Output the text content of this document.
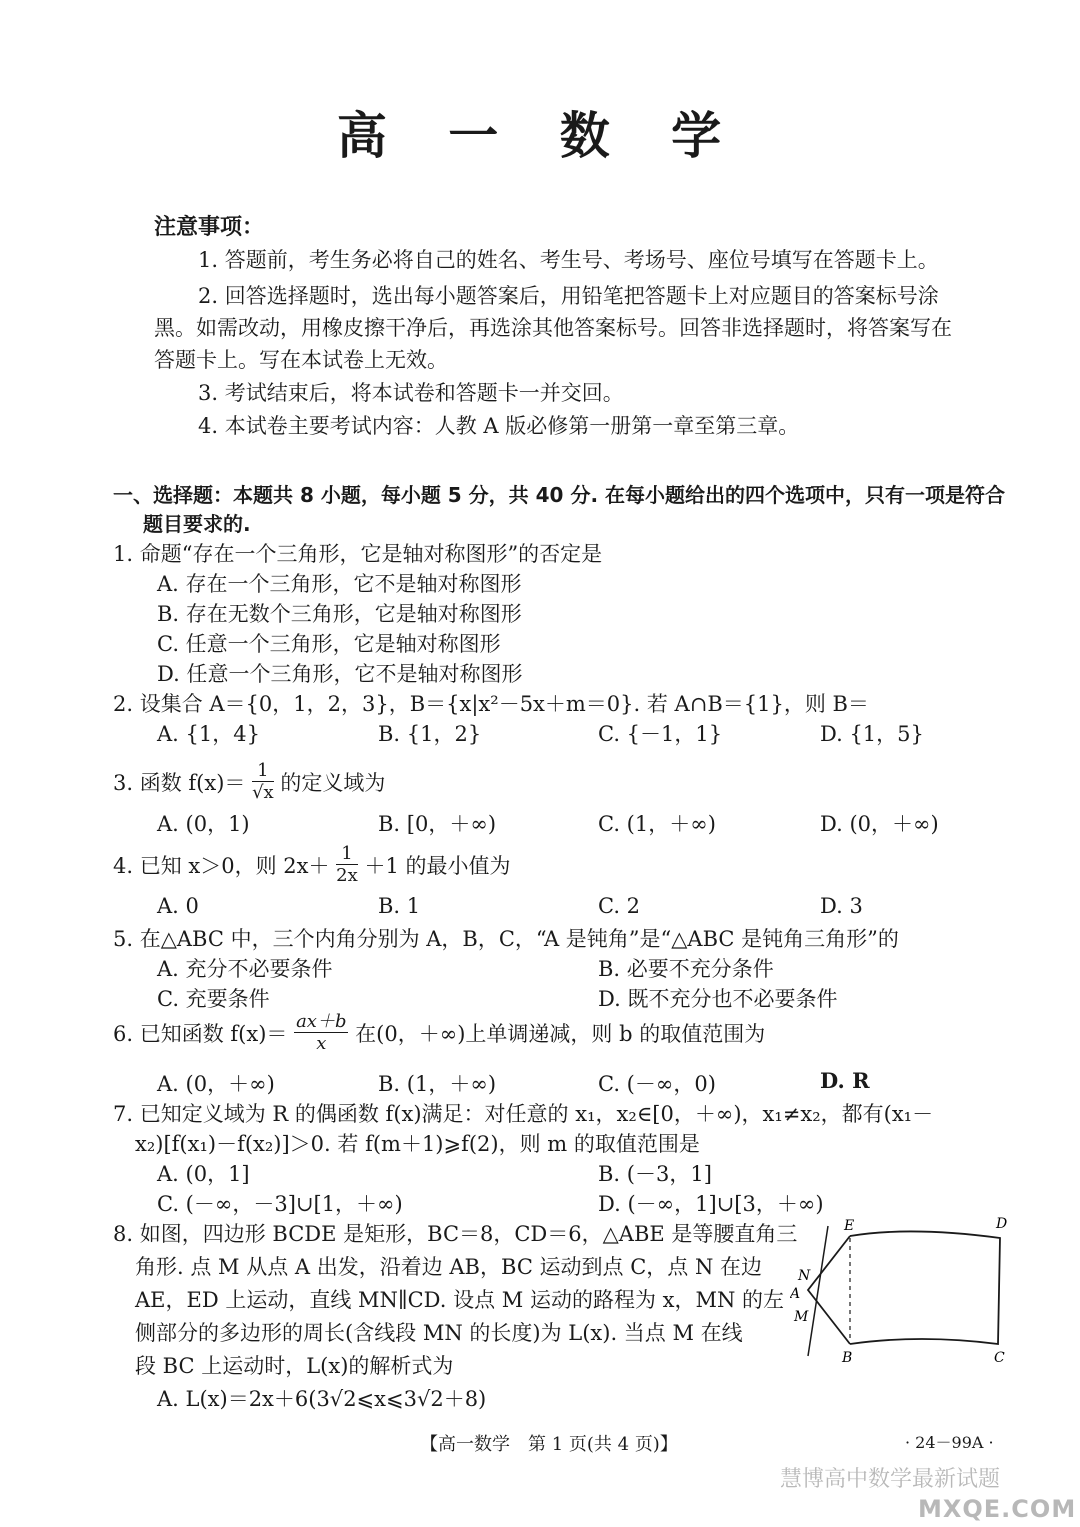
高 一 数 学
注意事项：
1. 答题前，考生务必将自己的姓名、考生号、考场号、座位号填写在答题卡上。
2. 回答选择题时，选出每小题答案后，用铅笔把答题卡上对应题目的答案标号涂
黑。如需改动，用橡皮擦干净后，再选涂其他答案标号。回答非选择题时，将答案写在
答题卡上。写在本试卷上无效。
3. 考试结束后，将本试卷和答题卡一并交回。
4. 本试卷主要考试内容：人教 A 版必修第一册第一章至第三章。
一、选择题：本题共 8 小题，每小题 5 分，共 40 分. 在每小题给出的四个选项中，只有一项是符合
题目要求的.
1. 命题“存在一个三角形，它是轴对称图形”的否定是
A. 存在一个三角形，它不是轴对称图形
B. 存在无数个三角形，它是轴对称图形
C. 任意一个三角形，它是轴对称图形
D. 任意一个三角形，它不是轴对称图形
2. 设集合 A＝{0，1，2，3}，B＝{x|x²－5x＋m＝0}. 若 A∩B＝{1}，则 B＝
A. {1，4}	B. {1，2}	C. {－1，1}	D. {1，5}
3. 函数 $f(x)= \frac{1}{√x}$ 的定义域为
A. (0，1)	B. [0，＋∞)	C. (1，＋∞)	D. (0，＋∞)
4. 已知 x＞0，则 $2x+ \frac{1}{2x} +1$ 的最小值为
A. 0	B. 1	C. 2	D. 3
5. 在△ABC 中，三个内角分别为 A，B，C，“A 是钝角”是“△ABC 是钝角三角形”的
A. 充分不必要条件	B. 必要不充分条件
C. 充要条件	D. 既不充分也不必要条件
6. 已知函数 $f(x)= \frac{ax+b}{x}$ 在(0，＋∞)上单调递减，则 b 的取值范围为
A. (0，＋∞)	B. (1，＋∞)	C. (－∞，0)	D. R
7. 已知定义域为 R 的偶函数 f(x)满足：对任意的 x₁，x₂∈[0，＋∞)，x₁≠x₂，都有(x₁－
x₂)[f(x₁)－f(x₂)]＞0. 若 f(m＋1)⩾f(2)，则 m 的取值范围是
A. (0，1]	B. (－3，1]
C. (－∞，－3]∪[1，＋∞)	D. (－∞，1]∪[3，＋∞)
8. 如图，四边形 BCDE 是矩形，BC＝8，CD＝6，△ABE 是等腰直角三
角形. 点 M 从点 A 出发，沿着边 AB，BC 运动到点 C，点 N 在边
AE，ED 上运动，直线 MN∥CD. 设点 M 运动的路程为 x，MN 的左
侧部分的多边形的周长(含线段 MN 的长度)为 L(x). 当点 M 在线
段 BC 上运动时，L(x)的解析式为
A. L(x)＝2x＋6(3√2⩽x⩽3√2＋8)
E	D
N
A
M
B	C
【高一数学　第 1 页(共 4 页)】	· 24－99A ·
慧博高中数学最新试题
MXQE.COM
